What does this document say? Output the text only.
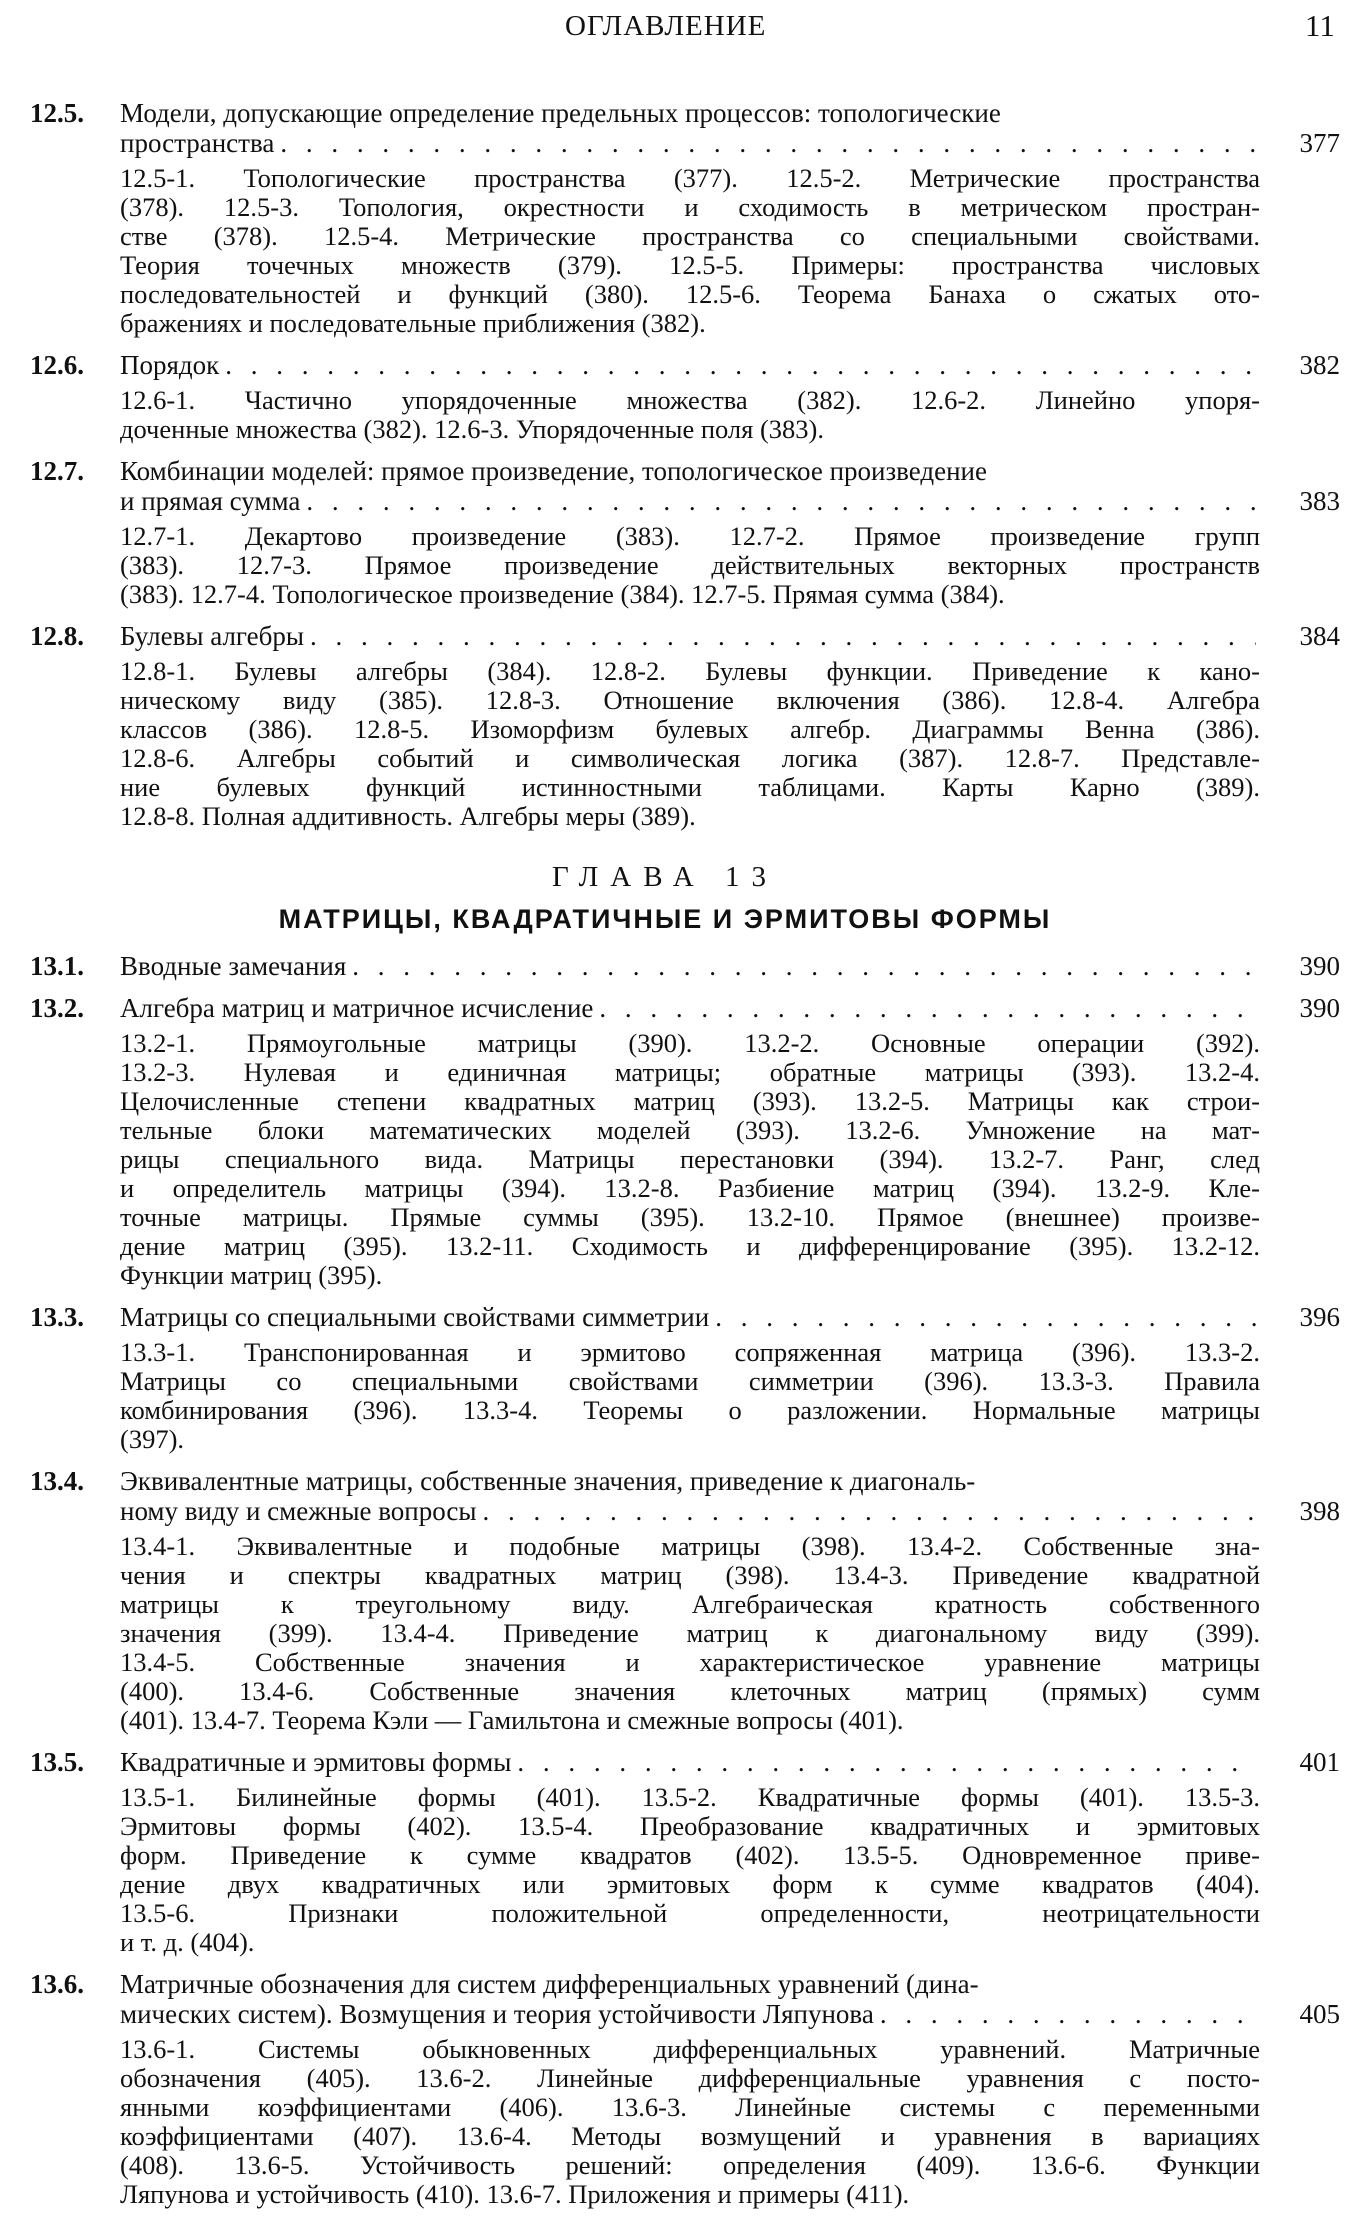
ОГЛАВЛЕНИЕ	11
12.5. Модели, допускающие определение предельных процессов: топологические
пространства . . .	377
12.5-1. Топологические пространства (377). 12.5-2. Метрические пространства
(378). 12.5-3. Топология, окрестности и сходимость в метрическом простран-
стве (378). 12.5-4. Метрические пространства со специальными свойствами.
Теория точечных множеств (379). 12.5-5. Примеры: пространства числовых
последовательностей и функций (380). 12.5-6. Теорема Банаха о сжатых ото-
бражениях и последовательные приближения (382).
12.6. Порядок . . .	382
12.6-1. Частично упорядоченные множества (382). 12.6-2. Линейно упоря-
доченные множества (382). 12.6-3. Упорядоченные поля (383).
12.7. Комбинации моделей: прямое произведение, топологическое произведение
и прямая сумма . . .	383
12.7-1. Декартово произведение (383). 12.7-2. Прямое произведение групп
(383). 12.7-3. Прямое произведение действительных векторных пространств
(383). 12.7-4. Топологическое произведение (384). 12.7-5. Прямая сумма (384).
12.8. Булевы алгебры . . .	384
12.8-1. Булевы алгебры (384). 12.8-2. Булевы функции. Приведение к кано-
ническому виду (385). 12.8-3. Отношение включения (386). 12.8-4. Алгебра
классов (386). 12.8-5. Изоморфизм булевых алгебр. Диаграммы Венна (386).
12.8-6. Алгебры событий и символическая логика (387). 12.8-7. Представле-
ние булевых функций истинностными таблицами. Карты Карно (389).
12.8-8. Полная аддитивность. Алгебры меры (389).
ГЛАВА 13
МАТРИЦЫ, КВАДРАТИЧНЫЕ И ЭРМИТОВЫ ФОРМЫ
13.1. Вводные замечания . . .	390
13.2. Алгебра матриц и матричное исчисление . . .	390
13.2-1. Прямоугольные матрицы (390). 13.2-2. Основные операции (392).
13.2-3. Нулевая и единичная матрицы; обратные матрицы (393). 13.2-4.
Целочисленные степени квадратных матриц (393). 13.2-5. Матрицы как строи-
тельные блоки математических моделей (393). 13.2-6. Умножение на мат-
рицы специального вида. Матрицы перестановки (394). 13.2-7. Ранг, след
и определитель матрицы (394). 13.2-8. Разбиение матриц (394). 13.2-9. Кле-
точные матрицы. Прямые суммы (395). 13.2-10. Прямое (внешнее) произве-
дение матриц (395). 13.2-11. Сходимость и дифференцирование (395). 13.2-12.
Функции матриц (395).
13.3. Матрицы со специальными свойствами симметрии . . .	396
13.3-1. Транспонированная и эрмитово сопряженная матрица (396). 13.3-2.
Матрицы со специальными свойствами симметрии (396). 13.3-3. Правила
комбинирования (396). 13.3-4. Теоремы о разложении. Нормальные матрицы
(397).
13.4. Эквивалентные матрицы, собственные значения, приведение к диагональ-
ному виду и смежные вопросы . . .	398
13.4-1. Эквивалентные и подобные матрицы (398). 13.4-2. Собственные зна-
чения и спектры квадратных матриц (398). 13.4-3. Приведение квадратной
матрицы к треугольному виду. Алгебраическая кратность собственного
значения (399). 13.4-4. Приведение матриц к диагональному виду (399).
13.4-5. Собственные значения и характеристическое уравнение матрицы
(400). 13.4-6. Собственные значения клеточных матриц (прямых) сумм
(401). 13.4-7. Теорема Кэли — Гамильтона и смежные вопросы (401).
13.5. Квадратичные и эрмитовы формы . . .	401
13.5-1. Билинейные формы (401). 13.5-2. Квадратичные формы (401). 13.5-3.
Эрмитовы формы (402). 13.5-4. Преобразование квадратичных и эрмитовых
форм. Приведение к сумме квадратов (402). 13.5-5. Одновременное приве-
дение двух квадратичных или эрмитовых форм к сумме квадратов (404).
13.5-6. Признаки положительной определенности, неотрицательности
и т. д. (404).
13.6. Матричные обозначения для систем дифференциальных уравнений (дина-
мических систем). Возмущения и теория устойчивости Ляпунова . . .	405
13.6-1. Системы обыкновенных дифференциальных уравнений. Матричные
обозначения (405). 13.6-2. Линейные дифференциальные уравнения с посто-
янными коэффициентами (406). 13.6-3. Линейные системы с переменными
коэффициентами (407). 13.6-4. Методы возмущений и уравнения в вариациях
(408). 13.6-5. Устойчивость решений: определения (409). 13.6-6. Функции
Ляпунова и устойчивость (410). 13.6-7. Приложения и примеры (411).
